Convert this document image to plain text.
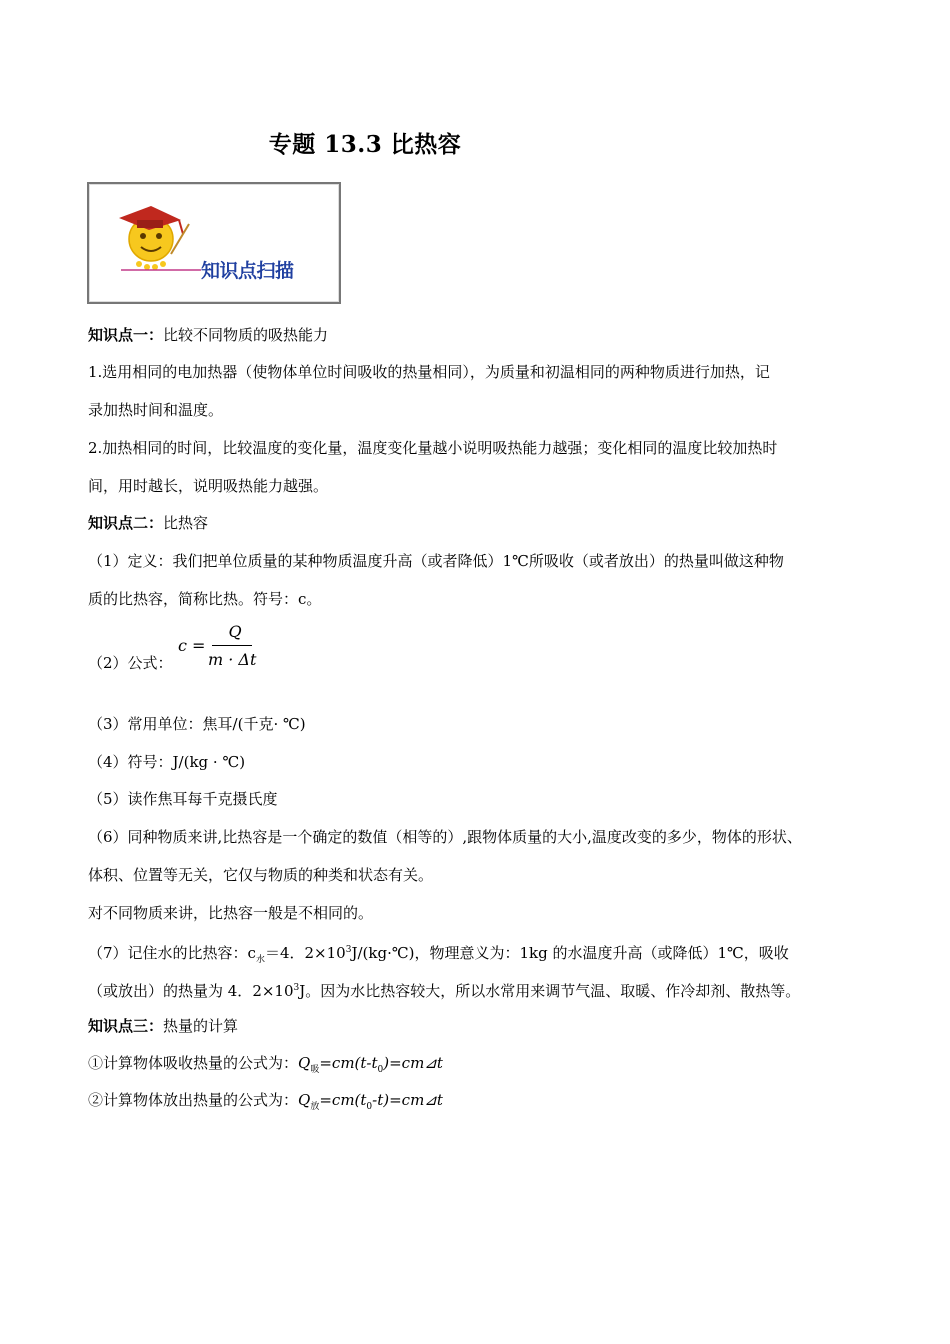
专题 13.3 比热容
知识点扫描
知识点一：比较不同物质的吸热能力
1.选用相同的电加热器（使物体单位时间吸收的热量相同），为质量和初温相同的两种物质进行加热，记
录加热时间和温度。
2.加热相同的时间，比较温度的变化量，温度变化量越小说明吸热能力越强；变化相同的温度比较加热时
间，用时越长，说明吸热能力越强。
知识点二：比热容
（1）定义：我们把单位质量的某种物质温度升高（或者降低）1℃所吸收（或者放出）的热量叫做这种物
质的比热容，简称比热。符号：c。
（2）公式：
c =
Q
m · Δt
（3）常用单位：焦耳/(千克· ℃)
（4）符号：J/(kg · ℃)
（5）读作焦耳每千克摄氏度
（6）同种物质来讲,比热容是一个确定的数值（相等的）,跟物体质量的大小,温度改变的多少，物体的形状、
体积、位置等无关，它仅与物质的种类和状态有关。
对不同物质来讲，比热容一般是不相同的。
（7）记住水的比热容：$c_水=4$．$2\times 10^3J/(kg\cdot℃)$，物理意义为：1kg 的水温度升高（或降低）1℃，吸收
（或放出）的热量为 4．$2\times 10^3J$。因为水比热容较大，所以水常用来调节气温、取暖、作冷却剂、散热等。
知识点三：热量的计算
①计算物体吸收热量的公式为：$Q_吸=cm(t-t_0)=cm⊿t$
②计算物体放出热量的公式为：$Q_放=cm(t_0-t)=cm⊿t$
